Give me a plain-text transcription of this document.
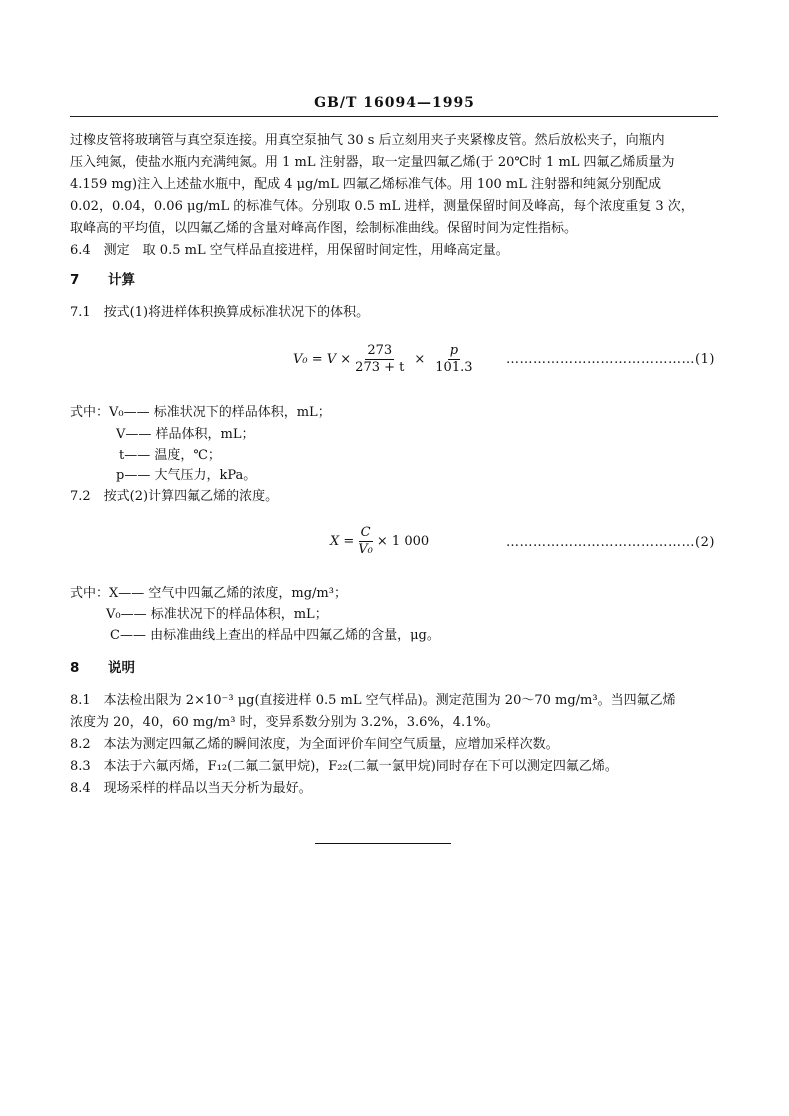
GB/T 16094—1995
过橡皮管将玻璃管与真空泵连接。用真空泵抽气 30 s 后立刻用夹子夹紧橡皮管。然后放松夹子，向瓶内
压入纯氮，使盐水瓶内充满纯氮。用 1 mL 注射器，取一定量四氟乙烯(于 20℃时 1 mL 四氟乙烯质量为
4.159 mg)注入上述盐水瓶中，配成 4 μg/mL 四氟乙烯标准气体。用 100 mL 注射器和纯氮分别配成
0.02，0.04，0.06 μg/mL 的标准气体。分别取 0.5 mL 进样，测量保留时间及峰高，每个浓度重复 3 次，
取峰高的平均值，以四氟乙烯的含量对峰高作图，绘制标准曲线。保留时间为定性指标。
6.4　测定　取 0.5 mL 空气样品直接进样，用保留时间定性，用峰高定量。
7 计算
7.1　按式(1)将进样体积换算成标准状况下的体积。
$V_0 = V \times \frac{273}{273 + t} \times \frac{p}{101.3}$	……………………………………(1)
式中：V₀—— 标准状况下的样品体积，mL；
V—— 样品体积，mL；
t—— 温度，℃；
p—— 大气压力，kPa。
7.2　按式(2)计算四氟乙烯的浓度。
$X = \frac{C}{\text{V₀}} \times 1$ 000	……………………………………(2)
式中：X—— 空气中四氟乙烯的浓度，mg/m³；
V₀—— 标准状况下的样品体积，mL；
C—— 由标准曲线上查出的样品中四氟乙烯的含量，μg。
8 说明
8.1　本法检出限为 2×10⁻³ μg(直接进样 0.5 mL 空气样品)。测定范围为 20～70 mg/m³。当四氟乙烯
浓度为 20，40，60 mg/m³ 时，变异系数分别为 3.2%，3.6%，4.1%。
8.2　本法为测定四氟乙烯的瞬间浓度，为全面评价车间空气质量，应增加采样次数。
8.3　本法于六氟丙烯，F₁₂(二氟二氯甲烷)，F₂₂(二氟一氯甲烷)同时存在下可以测定四氟乙烯。
8.4　现场采样的样品以当天分析为最好。
